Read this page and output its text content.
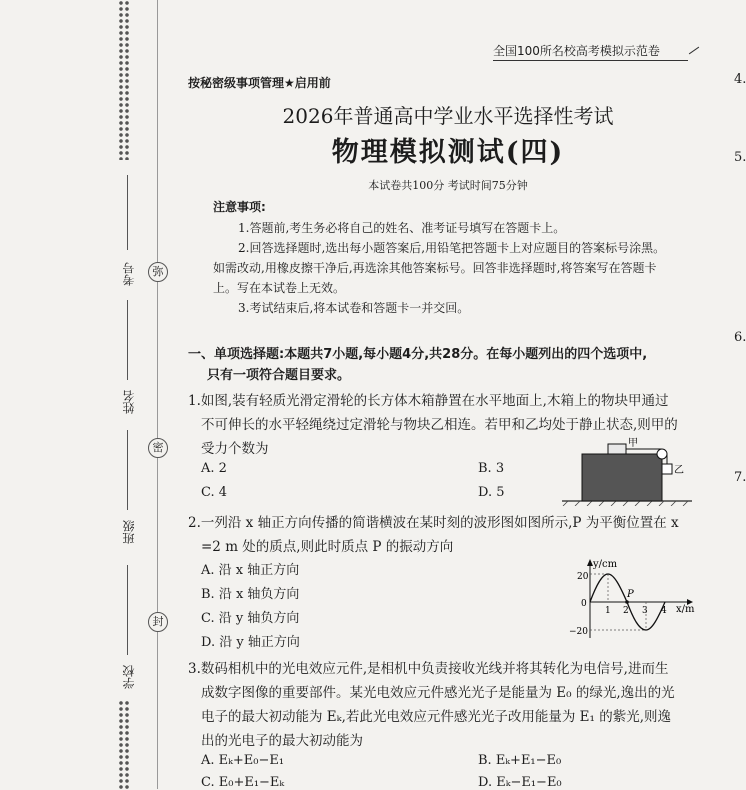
弥
密
封
考号
姓名
班级
学校
全国100所名校高考模拟示范卷
按秘密级事项管理★启用前
2026年普通高中学业水平选择性考试
物理模拟测试(四)
本试卷共100分 考试时间75分钟
注意事项:
1.答题前,考生务必将自己的姓名、准考证号填写在答题卡上。
2.回答选择题时,选出每小题答案后,用铅笔把答题卡上对应题目的答案标号涂黑。
如需改动,用橡皮擦干净后,再选涂其他答案标号。回答非选择题时,将答案写在答题卡
上。写在本试卷上无效。
3.考试结束后,将本试卷和答题卡一并交回。
一、单项选择题:本题共7小题,每小题4分,共28分。在每小题列出的四个选项中,
只有一项符合题目要求。
1.如图,装有轻质光滑定滑轮的长方体木箱静置在水平地面上,木箱上的物块甲通过
不可伸长的水平轻绳绕过定滑轮与物块乙相连。若甲和乙均处于静止状态,则甲的
受力个数为
A. 2	B. 3
C. 4	D. 5
甲
乙
2.一列沿 x 轴正方向传播的简谐横波在某时刻的波形图如图所示,P 为平衡位置在 x
=2 m 处的质点,则此时质点 P 的振动方向
A. 沿 x 轴正方向
B. 沿 x 轴负方向
C. 沿 y 轴负方向
D. 沿 y 轴正方向
y/cm
x/m
20
−20
0
1 2 3 4
P
3.数码相机中的光电效应元件,是相机中负责接收光线并将其转化为电信号,进而生
成数字图像的重要部件。某光电效应元件感光光子是能量为 E₀ 的绿光,逸出的光
电子的最大初动能为 Eₖ,若此光电效应元件感光光子改用能量为 E₁ 的紫光,则逸
出的光电子的最大初动能为
A. Eₖ+E₀−E₁	B. Eₖ+E₁−E₀
C. E₀+E₁−Eₖ	D. Eₖ−E₁−E₀
4.
5.
6.
7.
